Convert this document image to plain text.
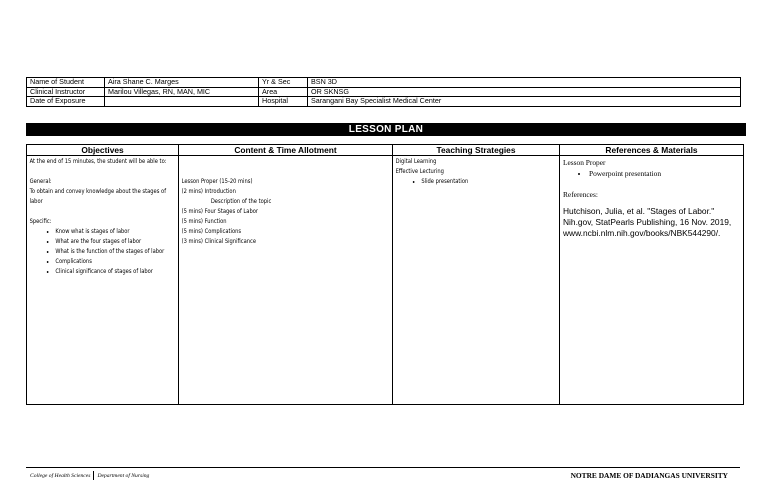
Name of Student	Aira Shane C. Marges	Yr & Sec	BSN 3D
Clinical Instructor	Marilou Villegas, RN, MAN, MIC	Area	OR SKNSG
Date of Exposure		Hospital	Sarangani Bay Specialist Medical Center
LESSON PLAN
Objectives

At the end of 15 minutes, the student will be able to:

General:

To obtain and convey knowledge about the stages of labor

Specific:

• Know what is stages of labor
• What are the four stages of labor
• What is the function of the stages of labor
• Complications
• Clinical significance of stages of labor
Content & Time Allotment

Lesson Proper (15-20 mins)

(2 mins) Introduction

Description of the topic

(5 mins) Four Stages of Labor

(5 mins) Function

(5 mins) Complications

(3 mins) Clinical Significance

Teaching Strategies

Digital Learning

Effective Lecturing

• Slide presentation
References & Materials

Lesson Proper

• Powerpoint presentation

References:

Hutchison, Julia, et al. "Stages of Labor." Nih.gov, StatPearls Publishing, 16 Nov. 2019, www.ncbi.nlm.nih.gov/books/NBK544290/.

College of Health Sciences Department of Nursing	NOTRE DAME OF DADIANGAS UNIVERSITY
